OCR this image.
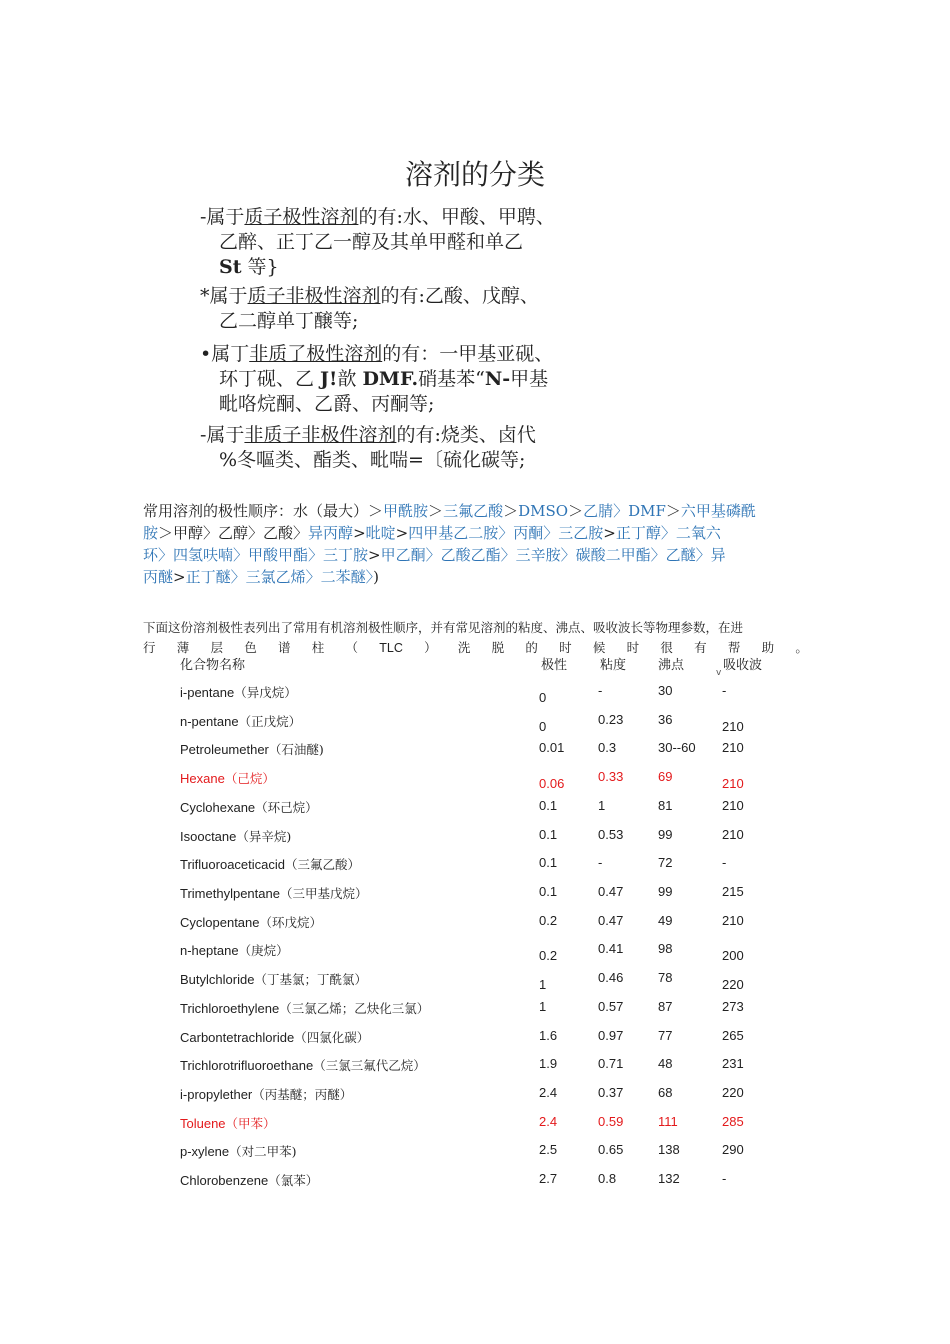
溶剂的分类
-属于质子极性溶剂的有:水、甲酸、甲聘、
乙醉、正丁乙一醇及其单甲醛和单乙
St 等}
*属于质子非极性溶剂的有:乙酸、戊醇、
乙二醇单丁醸等;
•属丁非质了极性溶剂的有：一甲基亚砚、
环丁砚、乙 J!歆 DMF.硝基苯“N-甲基
毗咯烷酮、乙爵、丙酮等;
-属于非质子非极件溶剂的有:烧类、卤代
%冬嘔类、酯类、毗喘=〔硫化碳等;
常用溶剂的极性顺序：水（最大）＞甲酰胺＞三氟乙酸＞DMSO＞乙腈〉DMF＞六甲基磷酰
胺＞甲醇〉乙醇〉乙酸〉异丙醇>吡啶>四甲基乙二胺〉丙酮〉三乙胺>正丁醇〉二氧六
环〉四氢呋喃〉甲酸甲酯〉三丁胺>甲乙酮〉乙酸乙酯〉三辛胺〉碳酸二甲酯〉乙醚〉异
丙醚>正丁醚〉三氯乙烯〉二苯醚〉)
下面这份溶剂极性表列出了常用有机溶剂极性顺序，并有常见溶剂的粘度、沸点、吸收波长等物理参数，在进
行 薄 层 色 谱 柱 （ TLC ） 洗 脱 的 时 候 时 很 有 帮 助 。
化合物名称	极性	粘度 沸点	吸收波
v
i-pentane（异戊烷）	0	-	30	-
n-pentane（正戊烷）	0	0.23	36	210
Petroleumether（石油醚)	0.01	0.3	30--60 210
Hexane（己烷）	0.06	0.33	69	210
Cyclohexane（环己烷）	0.1	1	81	210
Isooctane（异辛烷)	0.1	0.53	99	210
Trifluoroaceticacid（三氟乙酸）	0.1	-	72	-
Trimethylpentane（三甲基戊烷）	0.1	0.47	99	215
Cyclopentane（环戊烷）	0.2	0.47	49	210
n-heptane（庚烷）	0.2	0.41	98	200
Butylchloride（丁基氯；丁酰氯）	1	0.46	78	220
Trichloroethylene（三氯乙烯；乙炔化三氯）	1	0.57	87	273
Carbontetrachloride（四氯化碳）	1.6	0.97	77	265
Trichlorotrifluoroethane（三氯三氟代乙烷）	1.9	0.71	48	231
i-propylether（丙基醚；丙醚）	2.4	0.37	68	220
Toluene（甲苯）	2.4	0.59	111	285
p-xylene（对二甲苯)	2.5	0.65	138	290
Chlorobenzene（氯苯）	2.7	0.8	132	-
